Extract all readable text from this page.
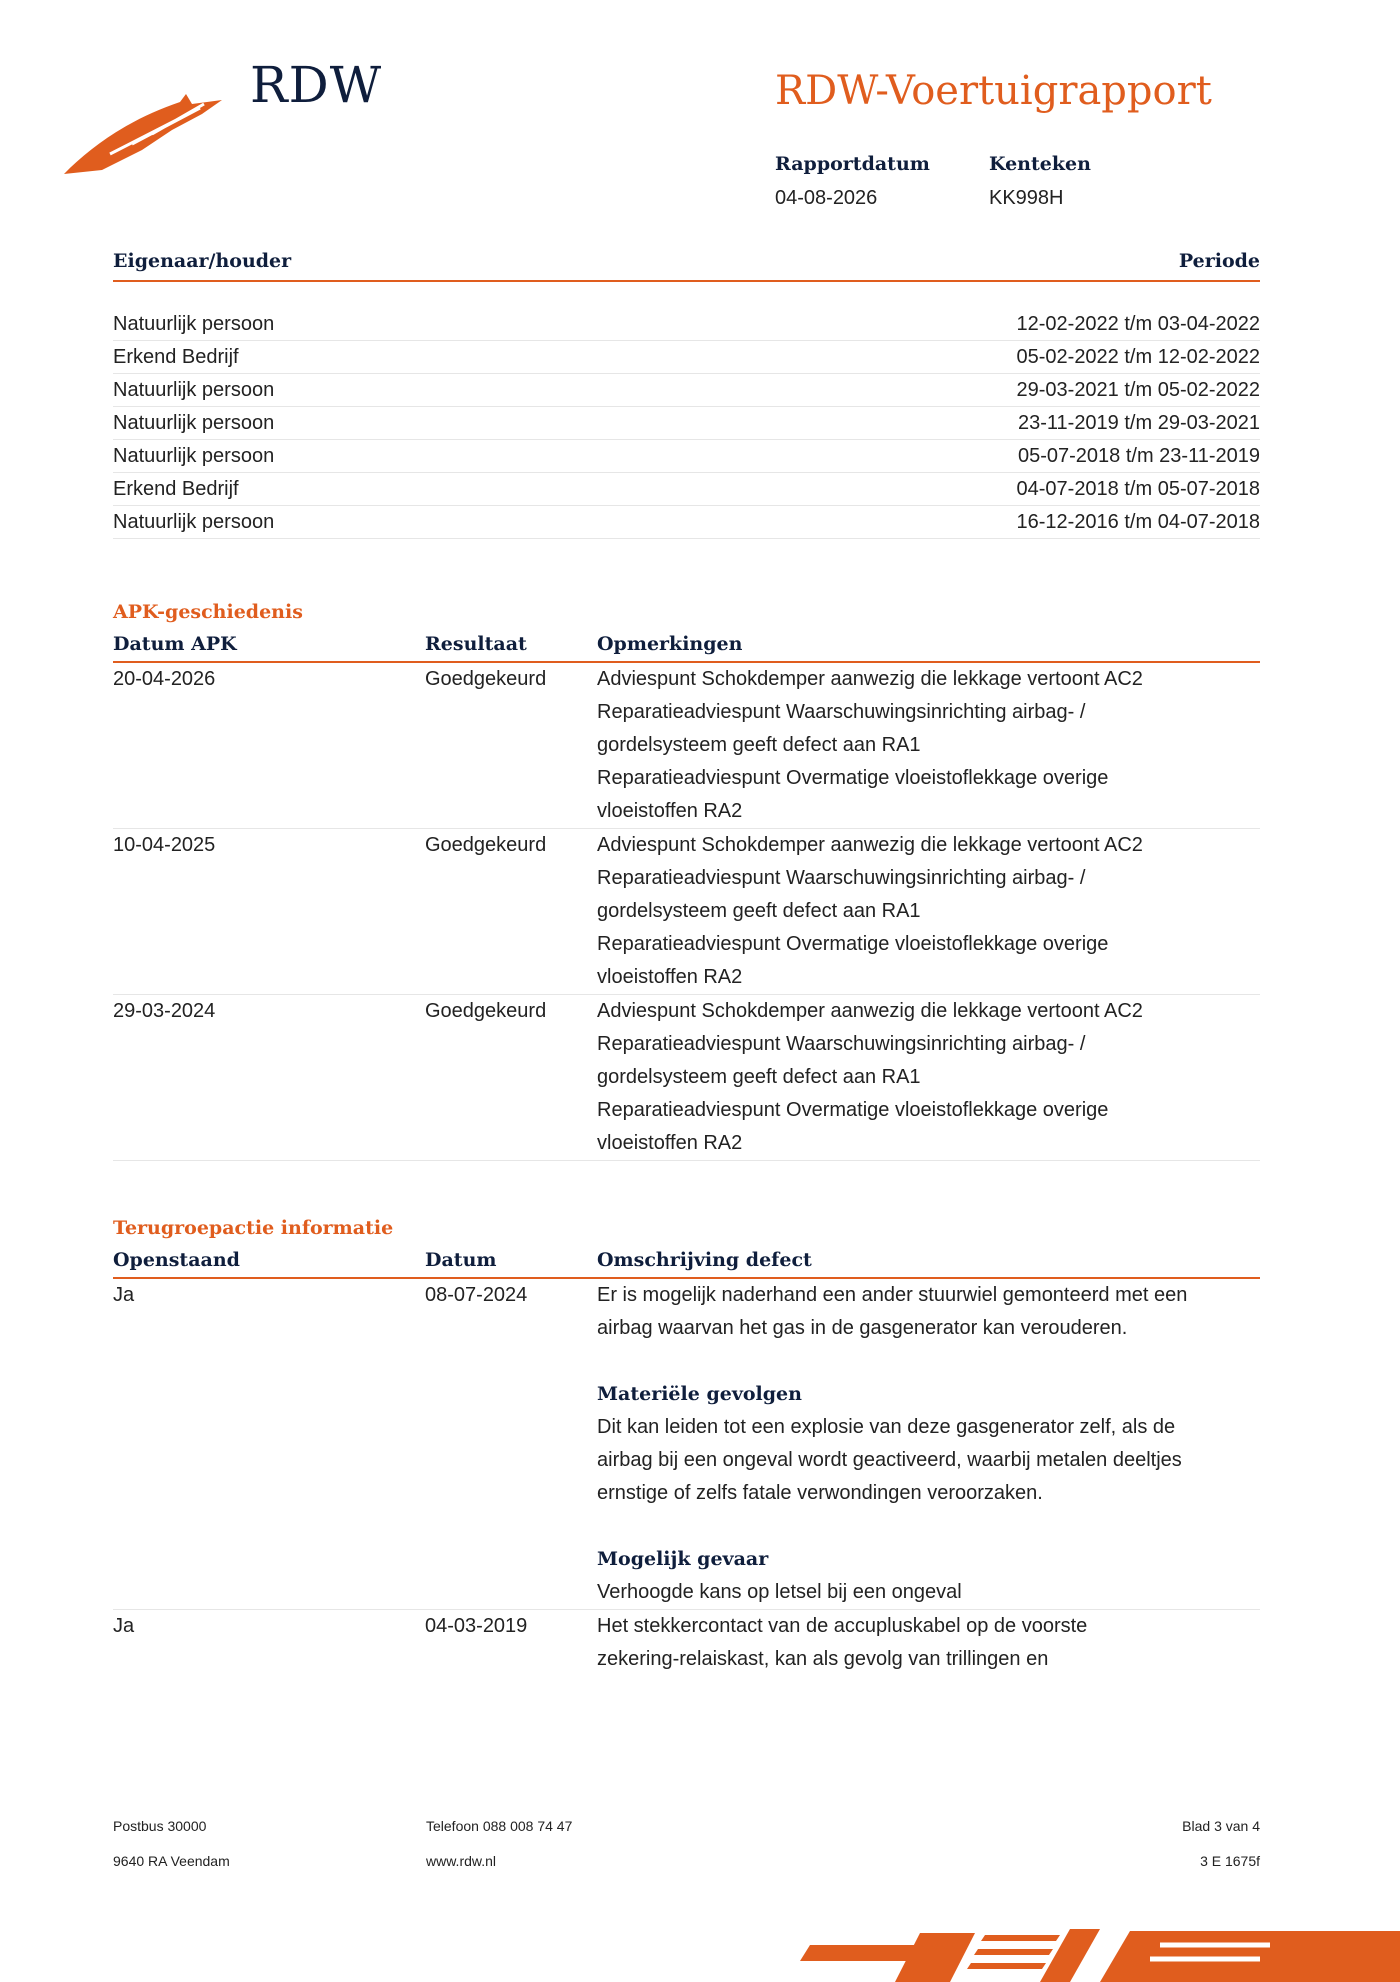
RDW	RDW-Voertuigrapport
Rapportdatum
04-08-2026
Kenteken
KK998H
Eigenaar/houder	Periode
Natuurlijk persoon	12-02-2022 t/m 03-04-2022
Erkend Bedrijf	05-02-2022 t/m 12-02-2022
Natuurlijk persoon	29-03-2021 t/m 05-02-2022
Natuurlijk persoon	23-11-2019 t/m 29-03-2021
Natuurlijk persoon	05-07-2018 t/m 23-11-2019
Erkend Bedrijf	04-07-2018 t/m 05-07-2018
Natuurlijk persoon	16-12-2016 t/m 04-07-2018
APK-geschiedenis
Datum APK	Resultaat	Opmerkingen
20-04-2026	Goedgekeurd	Adviespunt Schokdemper aanwezig die lekkage vertoont AC2
Reparatieadviespunt Waarschuwingsinrichting airbag- /
gordelsysteem geeft defect aan RA1
Reparatieadviespunt Overmatige vloeistoflekkage overige
vloeistoffen RA2
10-04-2025	Goedgekeurd	Adviespunt Schokdemper aanwezig die lekkage vertoont AC2
Reparatieadviespunt Waarschuwingsinrichting airbag- /
gordelsysteem geeft defect aan RA1
Reparatieadviespunt Overmatige vloeistoflekkage overige
vloeistoffen RA2
29-03-2024	Goedgekeurd	Adviespunt Schokdemper aanwezig die lekkage vertoont AC2
Reparatieadviespunt Waarschuwingsinrichting airbag- /
gordelsysteem geeft defect aan RA1
Reparatieadviespunt Overmatige vloeistoflekkage overige
vloeistoffen RA2
Terugroepactie informatie
Openstaand	Datum	Omschrijving defect
Ja	08-07-2024	Er is mogelijk naderhand een ander stuurwiel gemonteerd met een
airbag waarvan het gas in de gasgenerator kan verouderen.
Materiële gevolgen
Dit kan leiden tot een explosie van deze gasgenerator zelf, als de
airbag bij een ongeval wordt geactiveerd, waarbij metalen deeltjes
ernstige of zelfs fatale verwondingen veroorzaken.
Mogelijk gevaar
Verhoogde kans op letsel bij een ongeval
Ja	04-03-2019	Het stekkercontact van de accupluskabel op de voorste
zekering-relaiskast, kan als gevolg van trillingen en
Postbus 30000
9640 RA Veendam
Telefoon 088 008 74 47
www.rdw.nl
Blad 3 van 4
3 E 1675f
